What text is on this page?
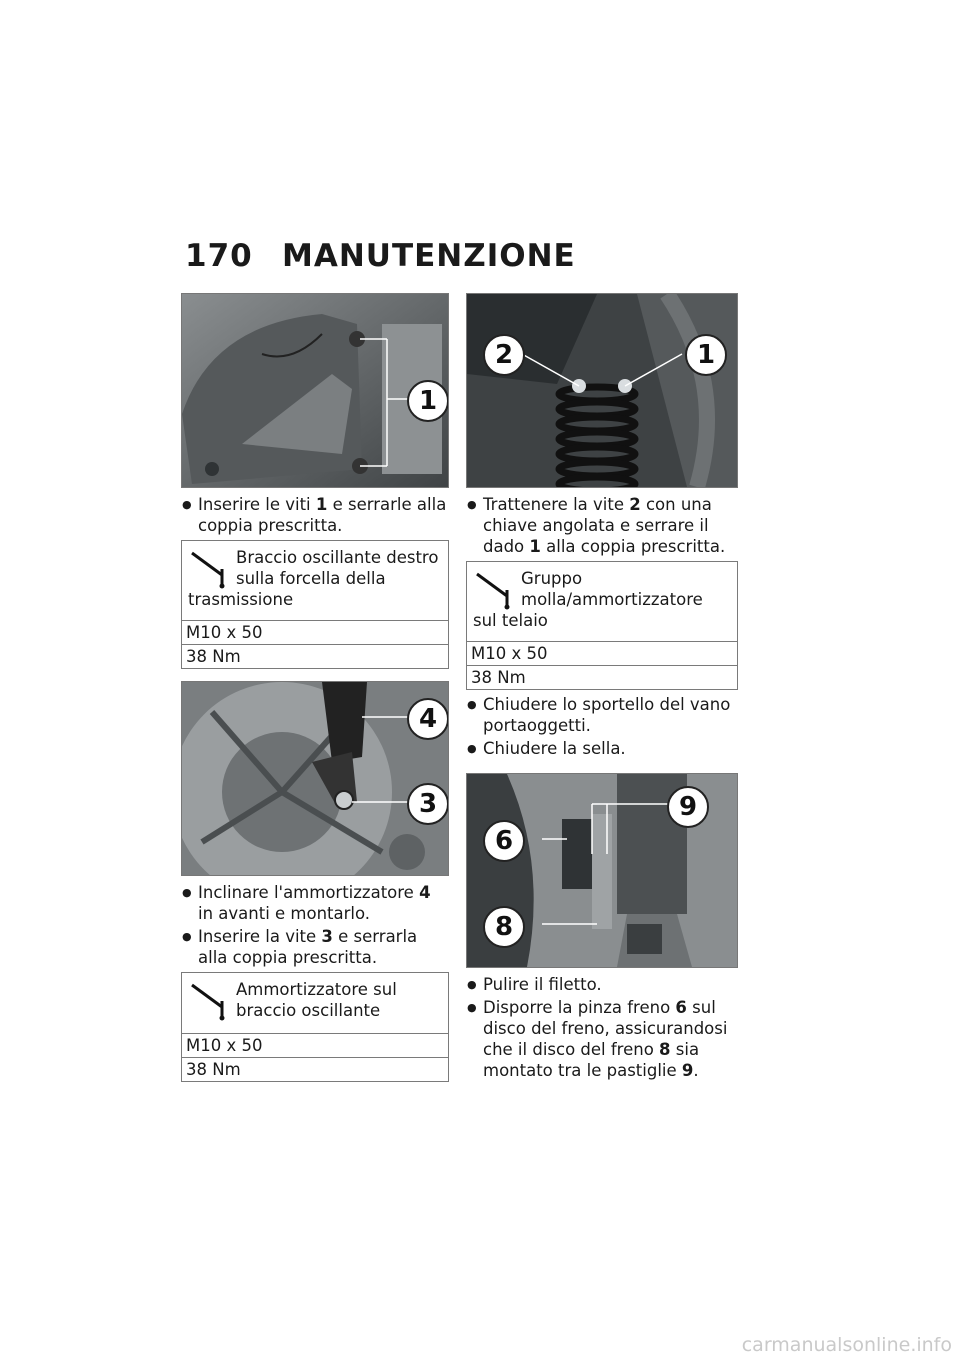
170 MANUTENZIONE
1
● Inserire le viti 1 e serrarle alla coppia prescritta.
Braccio oscillante destro sulla forcella della trasmissione
M10 x 50
38 Nm
4
3
● Inclinare l'ammortizzatore 4 in avanti e montarlo.
● Inserire la vite 3 e serrarla alla coppia prescritta.
Ammortizzatore sul braccio oscillante
M10 x 50
38 Nm
2	1
● Trattenere la vite 2 con una chiave angolata e serrare il dado 1 alla coppia prescritta.
Gruppo molla/ammortizzatore sul telaio
M10 x 50
38 Nm
● Chiudere lo sportello del vano portaoggetti.
● Chiudere la sella.
9
6
8
● Pulire il filetto.
● Disporre la pinza freno 6 sul disco del freno, assicurandosi che il disco del freno 8 sia montato tra le pastiglie 9.
carmanualsonline.info
